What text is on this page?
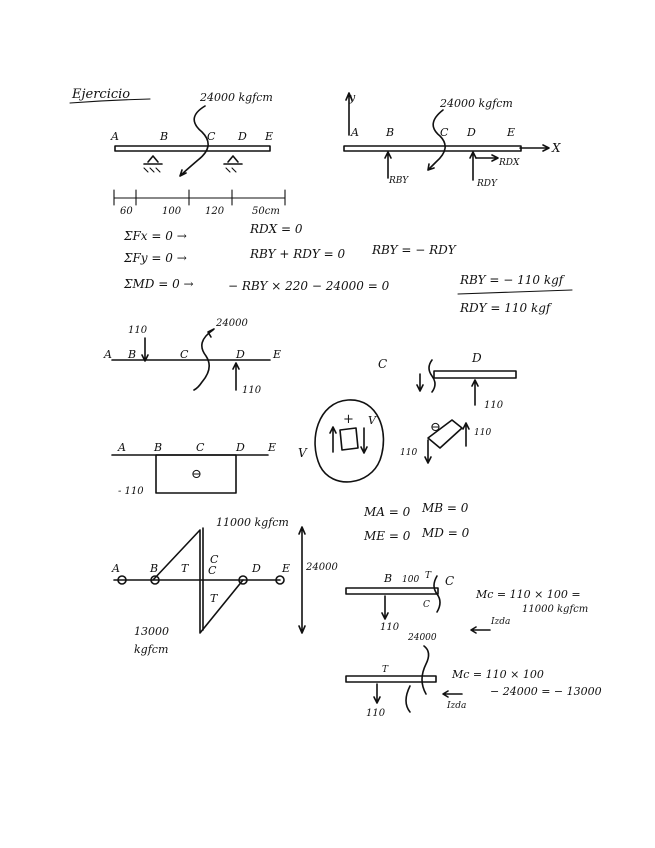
Ejercicio	24000 kgfcm
A	B	C D E
60	100 120	50cm
24000 kgfcm
y
X
A B	C D	E
RDX
RBY	RDY
ΣFx = 0 →	RDX = 0
ΣFy = 0 →	RBY + RDY = 0 RBY = − RDY
ΣMD = 0 →	− RBY × 220 − 24000 = 0	RBY = − 110 kgf
RDY = 110 kgf
110
24000
A B	C	D	E
110
C	D
110
A	B	C	D E
⊖
- 110
V
+ V	⊖
110
110
MA = 0 MB = 0
ME = 0 MD = 0
11000 kgfcm
A	B	C	D E
T
C
T
13000
kgfcm
24000
B 100 T C
C
110
Mc = 110 × 100 =
11000 kgfcm
Izda
24000
T
110
Mc = 110 × 100
− 24000 = − 13000
Izda
